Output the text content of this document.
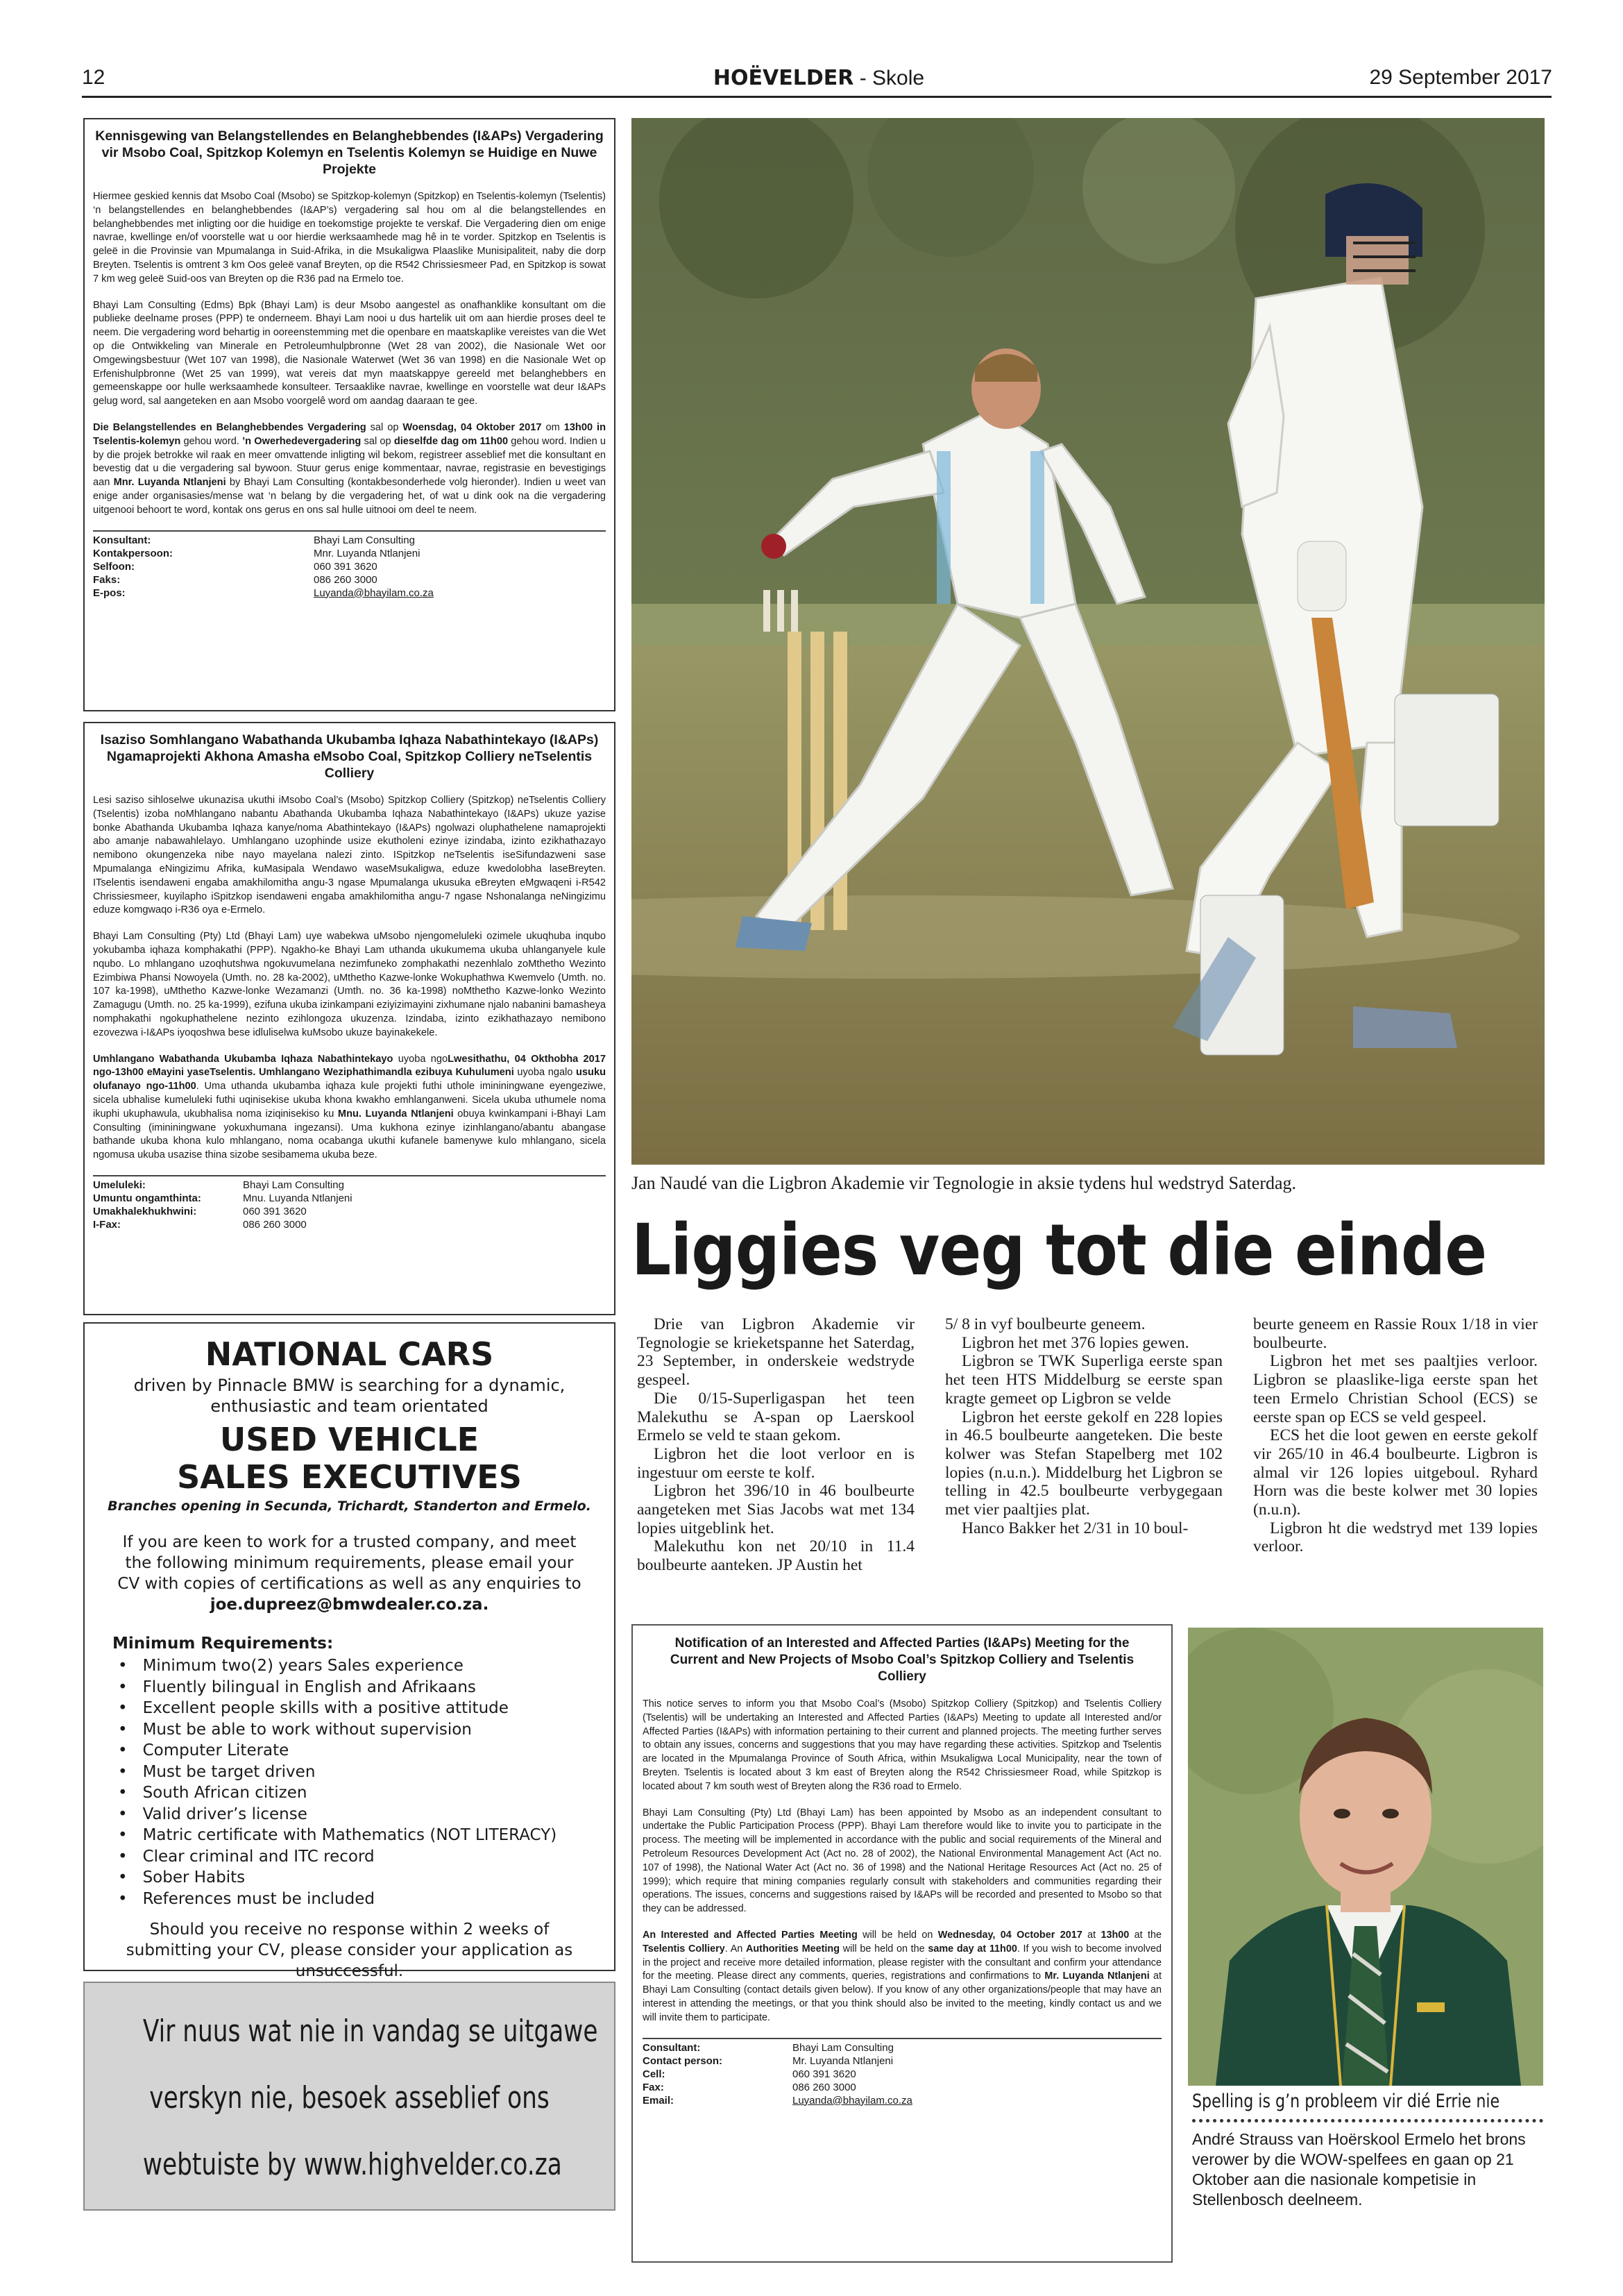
12	HOËVELDER - Skole	29 September 2017
Kennisgewing van Belangstellendes en Belanghebbendes (I&APs) Vergadering vir Msobo Coal, Spitzkop Kolemyn en Tselentis Kolemyn se Huidige en Nuwe Projekte

Hiermee geskied kennis dat Msobo Coal (Msobo) se Spitzkop-kolemyn (Spitzkop) en Tselentis-kolemyn (Tselentis) ‘n belangstellendes en belanghebbendes (I&AP’s) vergadering sal hou om al die belangstellendes en belanghebbendes met inligting oor die huidige en toekomstige projekte te verskaf. Die Vergadering dien om enige navrae, kwellinge en/of voorstelle wat u oor hierdie werksaamhede mag hê in te vorder. Spitzkop en Tselentis is geleë in die Provinsie van Mpumalanga in Suid-Afrika, in die Msukaligwa Plaaslike Munisipaliteit, naby die dorp Breyten. Tselentis is omtrent 3 km Oos geleë vanaf Breyten, op die R542 Chrissiesmeer Pad, en Spitzkop is sowat 7 km weg geleë Suid-oos van Breyten op die R36 pad na Ermelo toe.

Bhayi Lam Consulting (Edms) Bpk (Bhayi Lam) is deur Msobo aangestel as onafhanklike konsultant om die publieke deelname proses (PPP) te onderneem. Bhayi Lam nooi u dus hartelik uit om aan hierdie proses deel te neem. Die vergadering word behartig in ooreenstemming met die openbare en maatskaplike vereistes van die Wet op die Ontwikkeling van Minerale en Petroleumhulpbronne (Wet 28 van 2002), die Nasionale Wet oor Omgewingsbestuur (Wet 107 van 1998), die Nasionale Waterwet (Wet 36 van 1998) en die Nasionale Wet op Erfenishulpbronne (Wet 25 van 1999), wat vereis dat myn maatskappye gereeld met belanghebbers en gemeenskappe oor hulle werksaamhede konsulteer. Tersaaklike navrae, kwellinge en voorstelle wat deur I&APs gelug word, sal aangeteken en aan Msobo voorgelê word om aandag daaraan te gee.

Die Belangstellendes en Belanghebbendes Vergadering sal op Woensdag, 04 Oktober 2017 om 13h00 in Tselentis-kolemyn gehou word. ’n Owerhedevergadering sal op dieselfde dag om 11h00 gehou word. Indien u by die projek betrokke wil raak en meer omvattende inligting wil bekom, registreer asseblief met die konsultant en bevestig dat u die vergadering sal bywoon. Stuur gerus enige kommentaar, navrae, registrasie en bevestigings aan Mnr. Luyanda Ntlanjeni by Bhayi Lam Consulting (kontakbesonderhede volg hieronder). Indien u weet van enige ander organisasies/mense wat ‘n belang by die vergadering het, of wat u dink ook na die vergadering uitgenooi behoort te word, kontak ons gerus en ons sal hulle uitnooi om deel te neem.

Konsultant:	Bhayi Lam Consulting
Kontakpersoon:	Mnr. Luyanda Ntlanjeni
Selfoon:	060 391 3620
Faks:	086 260 3000
E-pos:	Luyanda@bhayilam.co.za
Isaziso Somhlangano Wabathanda Ukubamba Iqhaza Nabathintekayo (I&APs) Ngamaprojekti Akhona Amasha eMsobo Coal, Spitzkop Colliery neTselentis Colliery

Lesi saziso sihloselwe ukunazisa ukuthi iMsobo Coal’s (Msobo) Spitzkop Colliery (Spitzkop) neTselentis Colliery (Tselentis) izoba noMhlangano nabantu Abathanda Ukubamba Iqhaza Nabathintekayo (I&APs) ukuze yazise bonke Abathanda Ukubamba Iqhaza kanye/noma Abathintekayo (I&APs) ngolwazi oluphathelene namaprojekti abo amanje nabawahlelayo. Umhlangano uzophinde usize ekutholeni ezinye izindaba, izinto ezikhathazayo nemibono okungenzeka nibe nayo mayelana nalezi zinto. ISpitzkop neTselentis iseSifundazweni sase Mpumalanga eNingizimu Afrika, kuMasipala Wendawo waseMsukaligwa, eduze kwedolobha laseBreyten. ITselentis isendaweni engaba amakhilomitha angu-3 ngase Mpumalanga ukusuka eBreyten eMgwaqeni i-R542 Chrissiesmeer, kuyilapho iSpitzkop isendaweni engaba amakhilomitha angu-7 ngase Nshonalanga neNingizimu eduze komgwaqo i-R36 oya e-Ermelo.

Bhayi Lam Consulting (Pty) Ltd (Bhayi Lam) uye wabekwa uMsobo njengomeluleki ozimele ukuqhuba inqubo yokubamba iqhaza komphakathi (PPP). Ngakho-ke Bhayi Lam uthanda ukukumema ukuba uhlanganyele kule nqubo. Lo mhlangano uzoqhutshwa ngokuvumelana nezimfuneko zomphakathi nezenhlalo zoMthetho Wezinto Ezimbiwa Phansi Nowoyela (Umth. no. 28 ka-2002), uMthetho Kazwe-lonke Wokuphathwa Kwemvelo (Umth. no. 107 ka-1998), uMthetho Kazwe-lonke Wezamanzi (Umth. no. 36 ka-1998) noMthetho Kazwe-lonko Wezinto Zamagugu (Umth. no. 25 ka-1999), ezifuna ukuba izinkampani eziyizimayini zixhumane njalo nabanini bamasheya nomphakathi ngokuphathelene nezinto ezihlongoza ukuzenza. Izindaba, izinto ezikhathazayo nemibono ezovezwa i-I&APs iyoqoshwa bese idluliselwa kuMsobo ukuze bayinakekele.

Umhlangano Wabathanda Ukubamba Iqhaza Nabathintekayo uyoba ngoLwesithathu, 04 Okthobha 2017 ngo-13h00 eMayini yaseTselentis. Umhlangano Weziphathimandla ezibuya Kuhulumeni uyoba ngalo usuku olufanayo ngo-11h00. Uma uthanda ukubamba iqhaza kule projekti futhi uthole imininingwane eyengeziwe, sicela ubhalise kumeluleki futhi uqinisekise ukuba khona kwakho emhlanganweni. Sicela ukuba uthumele noma ikuphi ukuphawula, ukubhalisa noma iziqinisekiso ku Mnu. Luyanda Ntlanjeni obuya kwinkampani i-Bhayi Lam Consulting (imininingwane yokuxhumana ingezansi). Uma kukhona ezinye izinhlangano/abantu abangase bathande ukuba khona kulo mhlangano, noma ocabanga ukuthi kufanele bamenywe kulo mhlangano, sicela ngomusa ukuba usazise thina sizobe sesibamema ukuba beze.

Umeluleki:	Bhayi Lam Consulting
Umuntu ongamthinta:	Mnu. Luyanda Ntlanjeni
Umakhalekhukhwini:	060 391 3620
I-Fax:	086 260 3000
NATIONAL CARS
driven by Pinnacle BMW is searching for a dynamic, enthusiastic and team orientated
USED VEHICLE
SALES EXECUTIVES
Branches opening in Secunda, Trichardt, Standerton and Ermelo.
If you are keen to work for a trusted company, and meet the following minimum requirements, please email your CV with copies of certifications as well as any enquiries to
joe.dupreez@bmwdealer.co.za.
Minimum Requirements:
• Minimum two(2) years Sales experience
• Fluently bilingual in English and Afrikaans
• Excellent people skills with a positive attitude
• Must be able to work without supervision
• Computer Literate
• Must be target driven
• South African citizen
• Valid driver’s license
• Matric certificate with Mathematics (NOT LITERACY)
• Clear criminal and ITC record
• Sober Habits
• References must be included
Should you receive no response within 2 weeks of submitting your CV, please consider your application as unsuccessful.
Vir nuus wat nie in vandag se uitgawe
verskyn nie, besoek asseblief ons
webtuiste by www.highvelder.co.za
Jan Naudé van die Ligbron Akademie vir Tegnologie in aksie tydens hul wedstryd Saterdag.
Liggies veg tot die einde

Drie van Ligbron Akademie vir Tegnologie se krieketspanne het Saterdag, 23 September, in onderskeie wedstryde gespeel.

Die 0/15-Superligaspan het teen Malekuthu se A-span op Laerskool Ermelo se veld te staan gekom.

Ligbron het die loot verloor en is ingestuur om eerste te kolf.

Ligbron het 396/10 in 46 boulbeurte aangeteken met Sias Jacobs wat met 134 lopies uitgeblink het.

Malekuthu kon net 20/10 in 11.4 boulbeurte aanteken. JP Austin het

5/ 8 in vyf boulbeurte geneem.

Ligbron het met 376 lopies gewen.

Ligbron se TWK Superliga eerste span het teen HTS Middelburg se eerste span kragte gemeet op Ligbron se velde

Ligbron het eerste gekolf en 228 lopies in 46.5 boulbeurte aangeteken. Die beste kolwer was Stefan Stapelberg met 102 lopies (n.u.n.). Middelburg het Ligbron se telling in 42.5 boulbeurte verbygegaan met vier paaltjies plat.

Hanco Bakker het 2/31 in 10 boul-

beurte geneem en Rassie Roux 1/18 in vier boulbeurte.

Ligbron het met ses paaltjies verloor. Ligbron se plaaslike-liga eerste span het teen Ermelo Christian School (ECS) se eerste span op ECS se veld gespeel.

ECS het die loot gewen en eerste gekolf vir 265/10 in 46.4 boulbeurte. Ligbron is almal vir 126 lopies uitgeboul. Ryhard Horn was die beste kolwer met 30 lopies (n.u.n).

Ligbron ht die wedstryd met 139 lopies verloor.

Notification of an Interested and Affected Parties (I&APs) Meeting for the Current and New Projects of Msobo Coal’s Spitzkop Colliery and Tselentis Colliery

This notice serves to inform you that Msobo Coal’s (Msobo) Spitzkop Colliery (Spitzkop) and Tselentis Colliery (Tselentis) will be undertaking an Interested and Affected Parties (I&APs) Meeting to update all Interested and/or Affected Parties (I&APs) with information pertaining to their current and planned projects. The meeting further serves to obtain any issues, concerns and suggestions that you may have regarding these activities. Spitzkop and Tselentis are located in the Mpumalanga Province of South Africa, within Msukaligwa Local Municipality, near the town of Breyten. Tselentis is located about 3 km east of Breyten along the R542 Chrissiesmeer Road, while Spitzkop is located about 7 km south west of Breyten along the R36 road to Ermelo.

Bhayi Lam Consulting (Pty) Ltd (Bhayi Lam) has been appointed by Msobo as an independent consultant to undertake the Public Participation Process (PPP). Bhayi Lam therefore would like to invite you to participate in the process. The meeting will be implemented in accordance with the public and social requirements of the Mineral and Petroleum Resources Development Act (Act no. 28 of 2002), the National Environmental Management Act (Act no. 107 of 1998), the National Water Act (Act no. 36 of 1998) and the National Heritage Resources Act (Act no. 25 of 1999); which require that mining companies regularly consult with stakeholders and communities regarding their operations. The issues, concerns and suggestions raised by I&APs will be recorded and presented to Msobo so that they can be addressed.

An Interested and Affected Parties Meeting will be held on Wednesday, 04 October 2017 at 13h00 at the Tselentis Colliery. An Authorities Meeting will be held on the same day at 11h00. If you wish to become involved in the project and receive more detailed information, please register with the consultant and confirm your attendance for the meeting. Please direct any comments, queries, registrations and confirmations to Mr. Luyanda Ntlanjeni at Bhayi Lam Consulting (contact details given below). If you know of any other organizations/people that may have an interest in attending the meetings, or that you think should also be invited to the meeting, kindly contact us and we will invite them to participate.

Consultant:	Bhayi Lam Consulting
Contact person:	Mr. Luyanda Ntlanjeni
Cell:	060 391 3620
Fax:	086 260 3000
Email:	Luyanda@bhayilam.co.za	Spelling is g’n probleem vir dié Errie nie
André Strauss van Hoërskool Ermelo het brons verower by die WOW-spelfees en gaan op 21 Oktober aan die nasionale kompetisie in Stellenbosch deelneem.
